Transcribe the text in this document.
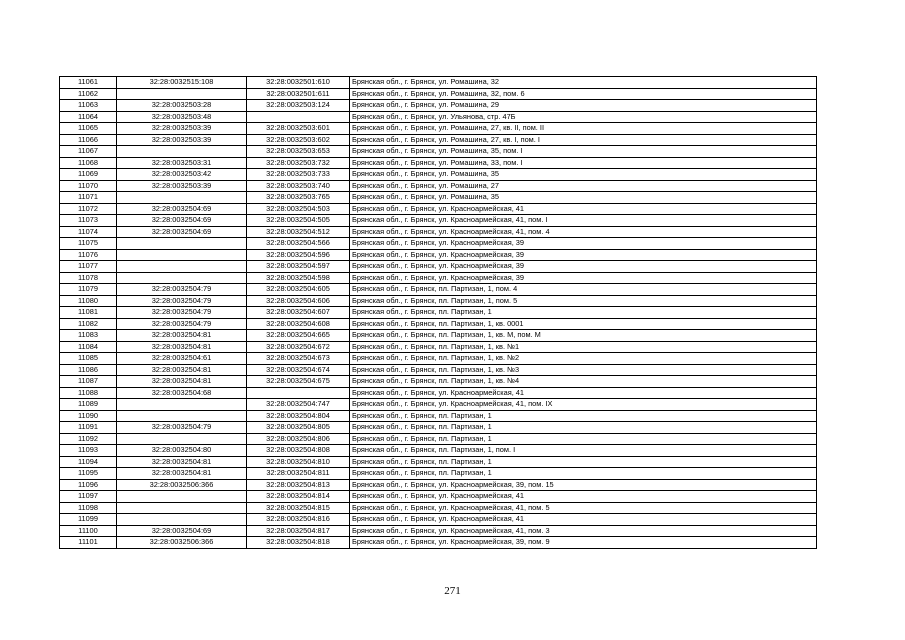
11061	32:28:0032515:108	32:28:0032501:610	Брянская обл., г. Брянск, ул. Ромашина, 32
11062		32:28:0032501:611	Брянская обл., г. Брянск, ул. Ромашина, 32, пом. 6
11063	32:28:0032503:28	32:28:0032503:124	Брянская обл., г. Брянск, ул. Ромашина, 29
11064	32:28:0032503:48		Брянская обл., г. Брянск, ул. Ульянова, стр. 47Б
11065	32:28:0032503:39	32:28:0032503:601	Брянская обл., г. Брянск, ул. Ромашина, 27, кв. II, пом. II
11066	32:28:0032503:39	32:28:0032503:602	Брянская обл., г. Брянск, ул. Ромашина, 27, кв. I, пом. I
11067		32:28:0032503:653	Брянская обл., г. Брянск, ул. Ромашина, 35, пом. I
11068	32:28:0032503:31	32:28:0032503:732	Брянская обл., г. Брянск, ул. Ромашина, 33, пом. I
11069	32:28:0032503:42	32:28:0032503:733	Брянская обл., г. Брянск, ул. Ромашина, 35
11070	32:28:0032503:39	32:28:0032503:740	Брянская обл., г. Брянск, ул. Ромашина, 27
11071		32:28:0032503:765	Брянская обл., г. Брянск, ул. Ромашина, 35
11072	32:28:0032504:69	32:28:0032504:503	Брянская обл., г. Брянск, ул. Красноармейская, 41
11073	32:28:0032504:69	32:28:0032504:505	Брянская обл., г. Брянск, ул. Красноармейская, 41, пом. I
11074	32:28:0032504:69	32:28:0032504:512	Брянская обл., г. Брянск, ул. Красноармейская, 41, пом. 4
11075		32:28:0032504:566	Брянская обл., г. Брянск, ул. Красноармейская, 39
11076		32:28:0032504:596	Брянская обл., г. Брянск, ул. Красноармейская, 39
11077		32:28:0032504:597	Брянская обл., г. Брянск, ул. Красноармейская, 39
11078		32:28:0032504:598	Брянская обл., г. Брянск, ул. Красноармейская, 39
11079	32:28:0032504:79	32:28:0032504:605	Брянская обл., г. Брянск, пл. Партизан, 1, пом. 4
11080	32:28:0032504:79	32:28:0032504:606	Брянская обл., г. Брянск, пл. Партизан, 1, пом. 5
11081	32:28:0032504:79	32:28:0032504:607	Брянская обл., г. Брянск, пл. Партизан, 1
11082	32:28:0032504:79	32:28:0032504:608	Брянская обл., г. Брянск, пл. Партизан, 1, кв. 0001
11083	32:28:0032504:81	32:28:0032504:665	Брянская обл., г. Брянск, пл. Партизан, 1, кв. М, пом. М
11084	32:28:0032504:81	32:28:0032504:672	Брянская обл., г. Брянск, пл. Партизан, 1, кв. №1
11085	32:28:0032504:61	32:28:0032504:673	Брянская обл., г. Брянск, пл. Партизан, 1, кв. №2
11086	32:28:0032504:81	32:28:0032504:674	Брянская обл., г. Брянск, пл. Партизан, 1, кв. №3
11087	32:28:0032504:81	32:28:0032504:675	Брянская обл., г. Брянск, пл. Партизан, 1, кв. №4
11088	32:28:0032504:68		Брянская обл., г. Брянск, ул. Красноармейская, 41
11089		32:28:0032504:747	Брянская обл., г. Брянск, ул. Красноармейская, 41, пом. IX
11090		32:28:0032504:804	Брянская обл., г. Брянск, пл. Партизан, 1
11091	32:28:0032504:79	32:28:0032504:805	Брянская обл., г. Брянск, пл. Партизан, 1
11092		32:28:0032504:806	Брянская обл., г. Брянск, пл. Партизан, 1
11093	32:28:0032504:80	32:28:0032504:808	Брянская обл., г. Брянск, пл. Партизан, 1, пом. I
11094	32:28:0032504:81	32:28:0032504:810	Брянская обл., г. Брянск, пл. Партизан, 1
11095	32:28:0032504:81	32:28:0032504:811	Брянская обл., г. Брянск, пл. Партизан, 1
11096	32:28:0032506:366	32:28:0032504:813	Брянская обл., г. Брянск, ул. Красноармейская, 39, пом. 15
11097		32:28:0032504:814	Брянская обл., г. Брянск, ул. Красноармейская, 41
11098		32:28:0032504:815	Брянская обл., г. Брянск, ул. Красноармейская, 41, пом. 5
11099		32:28:0032504:816	Брянская обл., г. Брянск, ул. Красноармейская, 41
11100	32:28:0032504:69	32:28:0032504:817	Брянская обл., г. Брянск, ул. Красноармейская, 41, пом. 3
11101	32:28:0032506:366	32:28:0032504:818	Брянская обл., г. Брянск, ул. Красноармейская, 39, пом. 9
271
